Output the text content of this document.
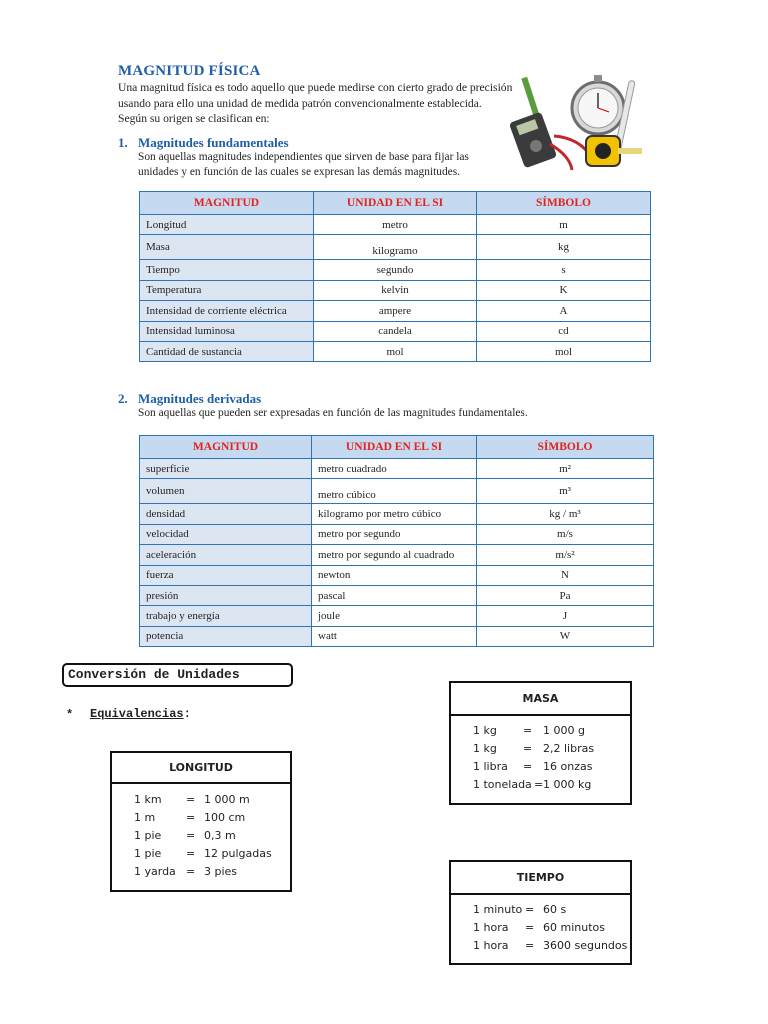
MAGNITUD FÍSICA
Una magnitud física es todo aquello que puede medirse con cierto grado de precisión
usando para ello una unidad de medida patrón convencionalmente establecida.
Según su origen se clasifican en:
1. Magnitudes fundamentales
Son aquellas magnitudes independientes que sirven de base para fijar las
unidades y en función de las cuales se expresan las demás magnitudes.
MAGNITUD	UNIDAD EN EL SI	SÍMBOLO
Longitud	metro	m
Masa	kilogramo	kg
Tiempo	segundo	s
Temperatura	kelvin	K
Intensidad de corriente eléctrica	ampere	A
Intensidad luminosa	candela	cd
Cantidad de sustancia	mol	mol
2. Magnitudes derivadas
Son aquellas que pueden ser expresadas en función de las magnitudes fundamentales.
MAGNITUD	UNIDAD EN EL SI	SÍMBOLO
superficie	metro cuadrado	m²
volumen	metro cúbico	m³
densidad	kilogramo por metro cúbico	kg / m³
velocidad	metro por segundo	m/s
aceleración	metro por segundo al cuadrado	m/s²
fuerza	newton	N
presión	pascal	Pa
trabajo y energía	joule	J
potencia	watt	W
Conversión de Unidades
* Equivalencias:
LONGITUD
1 km = 1 000 m
1 m	= 100 cm
1 pie = 0,3 m
1 pie = 12 pulgadas
1 yarda = 3 pies
MASA
1 kg = 1 000 g
1 kg = 2,2 libras
1 libra = 16 onzas
1 tonelada = 1 000 kg
TIEMPO
1 minuto = 60 s
1 hora = 60 minutos
1 hora = 3600 segundos
